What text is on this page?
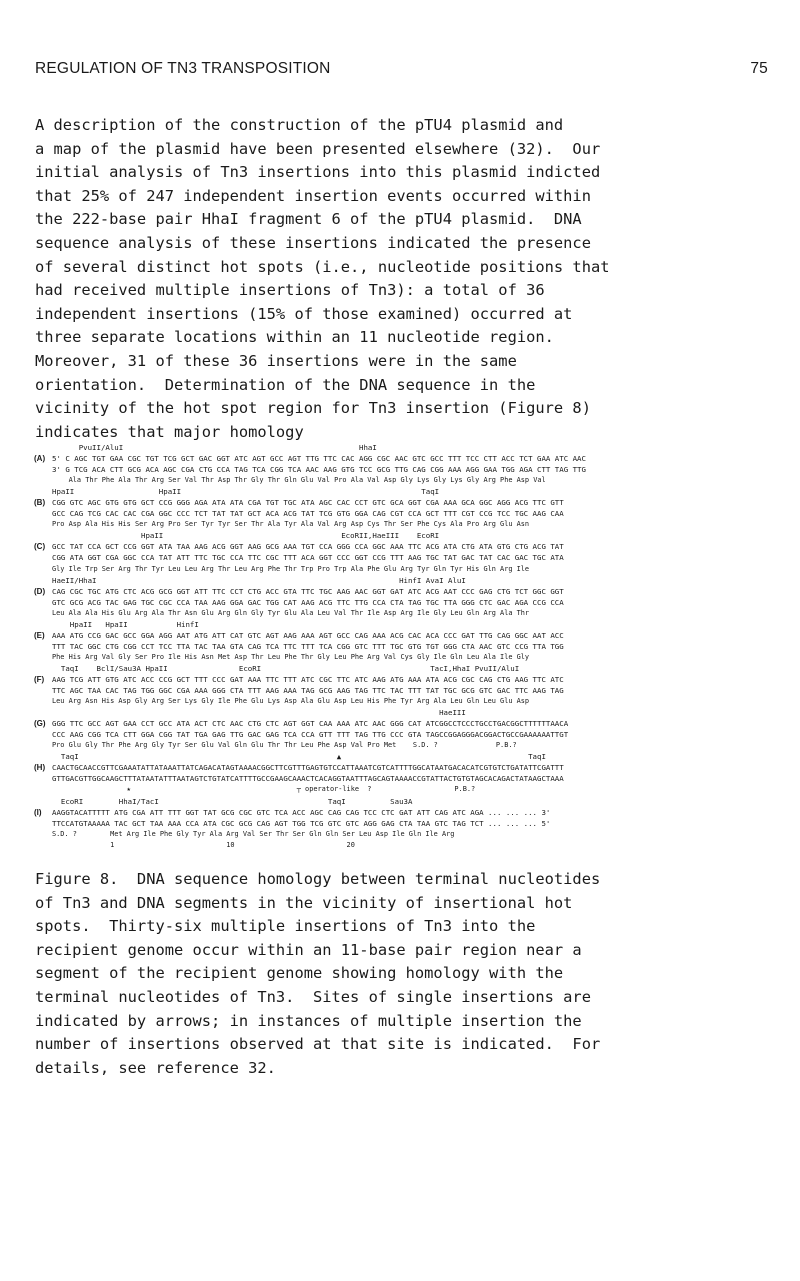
REGULATION OF TN3 TRANSPOSITION	75
A description of the construction of the pTU4 plasmid and
a map of the plasmid have been presented elsewhere (32).  Our
initial analysis of Tn3 insertions into this plasmid indicted
that 25% of 247 independent insertion events occurred within
the 222-base pair HhaI fragment 6 of the pTU4 plasmid.  DNA
sequence analysis of these insertions indicated the presence
of several distinct hot spots (i.e., nucleotide positions that
had received multiple insertions of Tn3): a total of 36
independent insertions (15% of those examined) occurred at
three separate locations within an 11 nucleotide region.
Moreover, 31 of these 36 insertions were in the same
orientation.  Determination of the DNA sequence in the
vicinity of the hot spot region for Tn3 insertion (Figure 8)
indicates that major homology
(A)
PvuII/AluI                                                     HhaI
5' C AGC TGT GAA CGC TGT TCG GCT GAC GGT ATC AGT GCC AGT TTG TTC CAC AGG CGC AAC GTC GCC TTT TCC CTT ACC TCT GAA ATC AAC
3' G TCG ACA CTT GCG ACA AGC CGA CTG CCA TAG TCA CGG TCA AAC AAG GTG TCC GCG TTG CAG CGG AAA AGG GAA TGG AGA CTT TAG TTG
Ala Thr Phe Ala Thr Arg Ser Val Thr Asp Thr Gly Thr Gln Glu Val Pro Ala Val Asp Gly Lys Gly Lys Gly Arg Phe Asp Val
(B)
HpaII                   HpaII                                                      TaqI
CGG GTC AGC GTG GTG GCT CCG GGG AGA ATA ATA CGA TGT TGC ATA AGC CAC CCT GTC GCA GGT CGA AAA GCA GGC AGG ACG TTC GTT
GCC CAG TCG CAC CAC CGA GGC CCC TCT TAT TAT GCT ACA ACG TAT TCG GTG GGA CAG CGT CCA GCT TTT CGT CCG TCC TGC AAG CAA
Pro Asp Ala His His Ser Arg Pro Ser Tyr Tyr Ser Thr Ala Tyr Ala Val Arg Asp Cys Thr Ser Phe Cys Ala Pro Arg Glu Asn
(C)
HpaII                                        EcoRII,HaeIII    EcoRI
GCC TAT CCA GCT CCG GGT ATA TAA AAG ACG GGT AAG GCG AAA TGT CCA GGG CCA GGC AAA TTC ACG ATA CTG ATA GTG CTG ACG TAT
CGG ATA GGT CGA GGC CCA TAT ATT TTC TGC CCA TTC CGC TTT ACA GGT CCC GGT CCG TTT AAG TGC TAT GAC TAT CAC GAC TGC ATA
Gly Ile Trp Ser Arg Thr Tyr Leu Leu Arg Thr Leu Arg Phe Thr Trp Pro Trp Ala Phe Glu Arg Tyr Gln Tyr His Gln Arg Ile
(D)
HaeII/HhaI                                                                    HinfI AvaI AluI
CAG CGC TGC ATG CTC ACG GCG GGT ATT TTC CCT CTG ACC GTA TTC TGC AAG AAC GGT GAT ATC ACG AAT CCC GAG CTG TCT GGC GGT
GTC GCG ACG TAC GAG TGC CGC CCA TAA AAG GGA GAC TGG CAT AAG ACG TTC TTG CCA CTA TAG TGC TTA GGG CTC GAC AGA CCG CCA
Leu Ala Ala His Glu Arg Ala Thr Asn Glu Arg Gln Gly Tyr Glu Ala Leu Val Thr Ile Asp Arg Ile Gly Leu Gln Arg Ala Thr
(E)
HpaII   HpaII           HinfI
AAA ATG CCG GAC GCC GGA AGG AAT ATG ATT CAT GTC AGT AAG AAA AGT GCC CAG AAA ACG CAC ACA CCC GAT TTG CAG GGC AAT ACC
TTT TAC GGC CTG CGG CCT TCC TTA TAC TAA GTA CAG TCA TTC TTT TCA CGG GTC TTT TGC GTG TGT GGG CTA AAC GTC CCG TTA TGG
Phe His Arg Val Gly Ser Pro Ile His Asn Met Asp Thr Leu Phe Thr Gly Leu Phe Arg Val Cys Gly Ile Gln Leu Ala Ile Gly
(F)
TaqI    BclI/Sau3A HpaII                EcoRI                                      TacI,HhaI PvuII/AluI
AAG TCG ATT GTG ATC ACC CCG GCT TTT CCC GAT AAA TTC TTT ATC CGC TTC ATC AAG ATG AAA ATA ACG CGC CAG CTG AAG TTC ATC
TTC AGC TAA CAC TAG TGG GGC CGA AAA GGG CTA TTT AAG AAA TAG GCG AAG TAG TTC TAC TTT TAT TGC GCG GTC GAC TTC AAG TAG
Leu Arg Asn His Asp Gly Arg Ser Lys Gly Ile Phe Glu Lys Asp Ala Glu Asp Leu His Phe Tyr Arg Ala Leu Gln Leu Glu Asp
(G)
HaeIII
GGG TTC GCC AGT GAA CCT GCC ATA ACT CTC AAC CTG CTC AGT GGT CAA AAA ATC AAC GGG CAT ATCGGCCTCCCTGCCTGACGGCTTTTTTAACA
CCC AAG CGG TCA CTT GGA CGG TAT TGA GAG TTG GAC GAG TCA CCA GTT TTT TAG TTG CCC GTA TAGCCGGAGGGACGGACTGCCGAAAAAATTGT
Pro Glu Gly Thr Phe Arg Gly Tyr Ser Glu Val Gln Glu Thr Thr Leu Phe Asp Val Pro Met    S.D. ?              P.B.?
(H)
TaqI                                                          ▲                                          TaqI
CAACTGCAACCGTTCGAAATATTATAAATTATCAGACATAGTAAAACGGCTTCGTTTGAGTGTCCATTAAATCGTCATTTTGGCATAATGACACATCGTGTCTGATATTCGATTT
GTTGACGTTGGCAAGCTTTATAATATTTAATAGTCTGTATCATTTTGCCGAAGCAAACTCACAGGTAATTTAGCAGTAAAACCGTATTACTGTGTAGCACAGACTATAAGCTAAA
★                                        ┬ operator-like  ?                    P.B.?
(I)
EcoRI        HhaI/TacI                                      TaqI          Sau3A
AAGGTACATTTTT ATG CGA ATT TTT GGT TAT GCG CGC GTC TCA ACC AGC CAG CAG TCC CTC GAT ATT CAG ATC AGA ... ... ... 3'
TTCCATGTAAAAA TAC GCT TAA AAA CCA ATA CGC GCG CAG AGT TGG TCG GTC GTC AGG GAG CTA TAA GTC TAG TCT ... ... ... 5'
S.D. ?        Met Arg Ile Phe Gly Tyr Ala Arg Val Ser Thr Ser Gln Gln Ser Leu Asp Ile Gln Ile Arg
1                           10                           20
Figure 8.  DNA sequence homology between terminal nucleotides
of Tn3 and DNA segments in the vicinity of insertional hot
spots.  Thirty-six multiple insertions of Tn3 into the
recipient genome occur within an 11-base pair region near a
segment of the recipient genome showing homology with the
terminal nucleotides of Tn3.  Sites of single insertions are
indicated by arrows; in instances of multiple insertion the
number of insertions observed at that site is indicated.  For
details, see reference 32.
